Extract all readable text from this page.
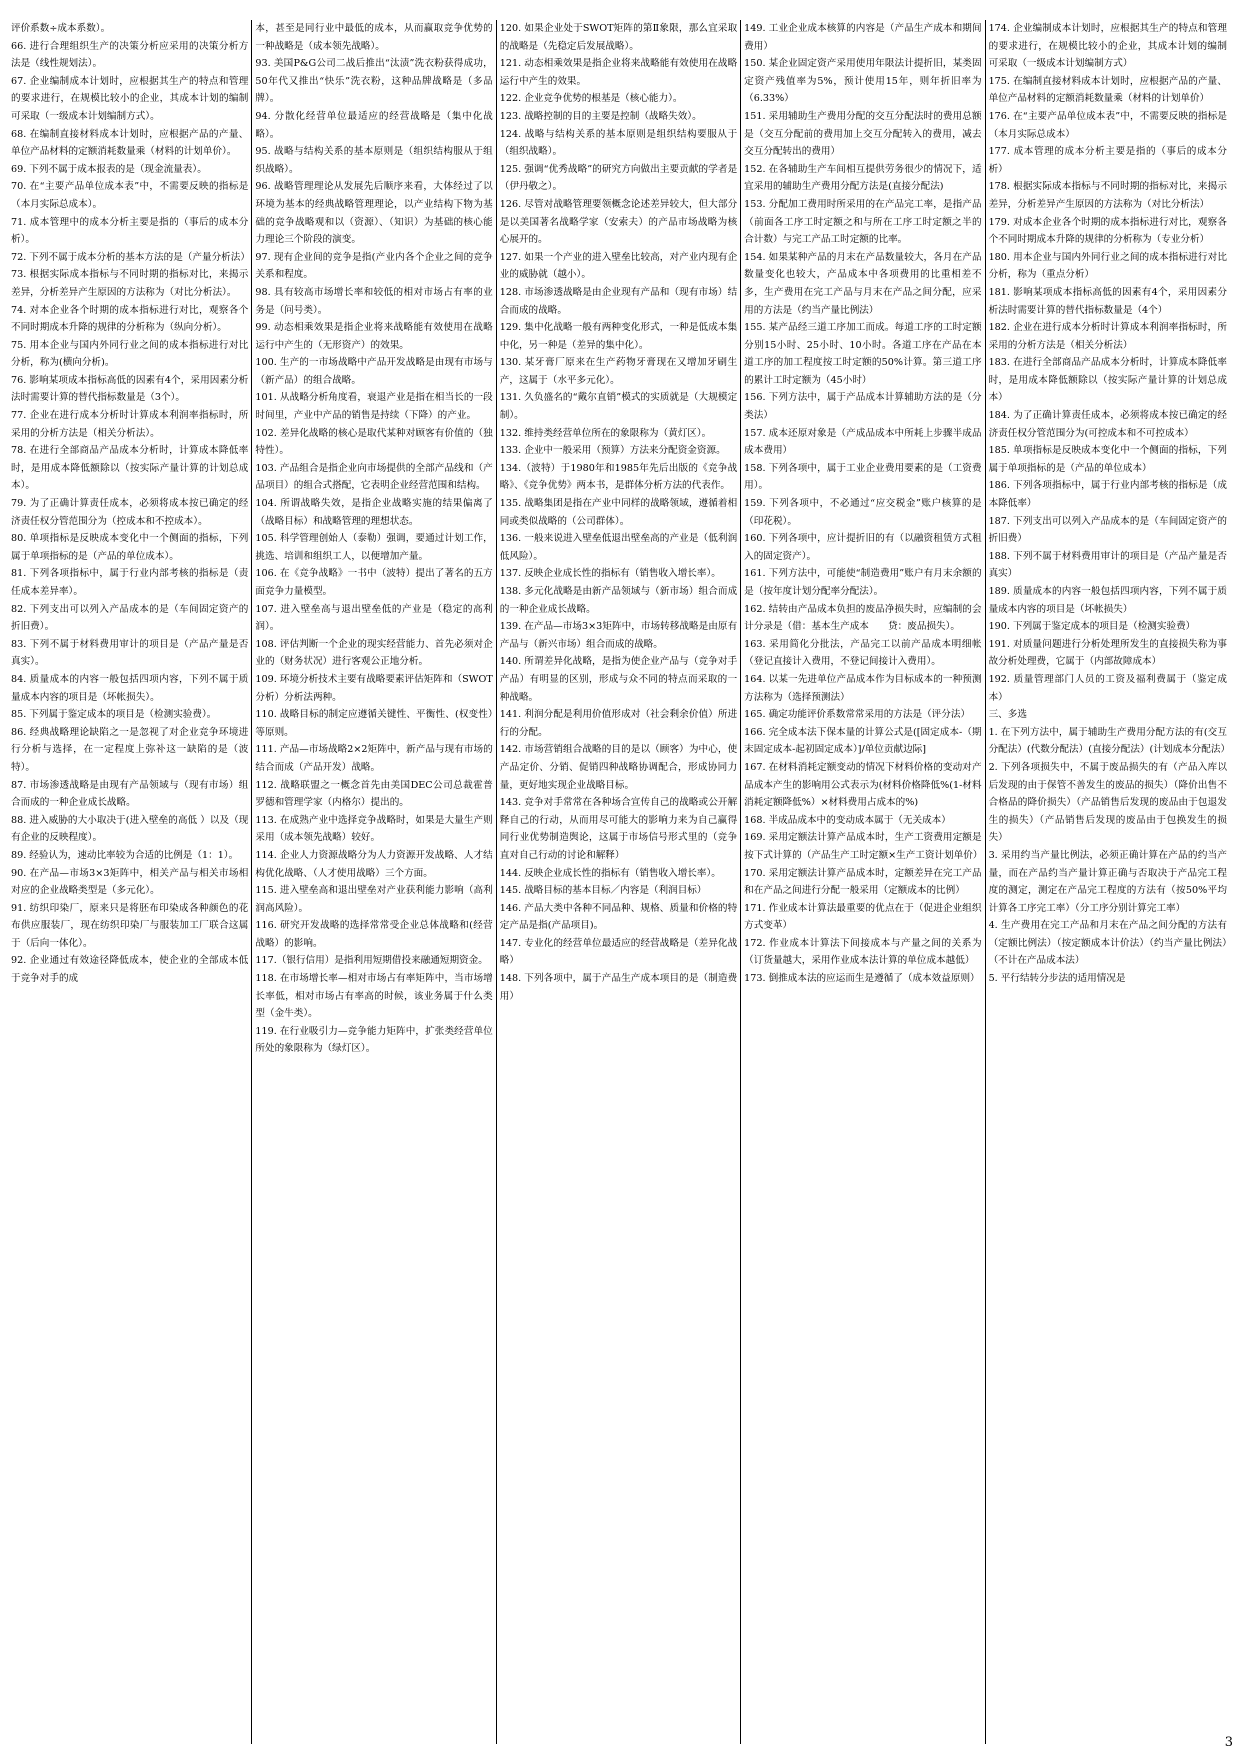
评价系数÷成本系数）。

66. 进行合理组织生产的决策分析应采用的决策分析方法是（线性规划法）。

67. 企业编制成本计划时，应根据其生产的特点和管理的要求进行，在规模比较小的企业，其成本计划的编制可采取（一级成本计划编制方式）。

68. 在编制直接材料成本计划时，应根据产品的产量、单位产品材料的定额消耗数量乘（材料的计划单价）。

69. 下列不属于成本报表的是（现金流量表）。

70. 在“主要产品单位成本表”中，不需要反映的指标是（本月实际总成本）。

71. 成本管理中的成本分析主要是指的（事后的成本分析）。

72. 下列不属于成本分析的基本方法的是（产量分析法）

73. 根据实际成本指标与不同时期的指标对比，来揭示差异，分析差异产生原因的方法称为（对比分析法）。

74. 对本企业各个时期的成本指标进行对比，观察各个不同时期成本升降的规律的分析称为（纵向分析）。

75. 用本企业与国内外同行业之间的成本指标进行对比分析，称为(横向分析)。

76. 影响某项成本指标高低的因素有4个，采用因素分析法时需要计算的替代指标数量是（3个）。

77. 企业在进行成本分析时计算成本利润率指标时，所采用的分析方法是（相关分析法）。

78. 在进行全部商品产品成本分析时，计算成本降低率时，是用成本降低额除以（按实际产量计算的计划总成本）。

79. 为了正确计算责任成本，必须将成本按已确定的经济责任权分管范围分为（控成本和不控成本）。

80. 单项指标是反映成本变化中一个侧面的指标，下列属于单项指标的是（产品的单位成本）。

81. 下列各项指标中，属于行业内部考核的指标是（责任成本差异率）。

82. 下列支出可以列入产品成本的是（车间固定资产的折旧费）。

83. 下列不属于材料费用审计的项目是（产品产量是否真实）。

84. 质量成本的内容一般包括四项内容，下列不属于质量成本内容的项目是（坏帐损失）。

85. 下列属于鉴定成本的项目是（检测实验费）。

86. 经典战略理论缺陷之一是忽视了对企业竞争环境进行分析与选择，在一定程度上弥补这一缺陷的是（波特）。

87. 市场渗透战略是由现有产品领域与（现有市场）组合而成的一种企业成长战略。

88. 进入威胁的大小取决于(进入壁垒的高低 ）以及（现有企业的反映程度）。

89. 经验认为，速动比率较为合适的比例是（1：1）。

90. 在产品—市场3×3矩阵中，相关产品与相关市场相对应的企业战略类型是（多元化）。

91. 纺织印染厂，原来只是将胚布印染成各种颜色的花布供应服装厂，现在纺织印染厂与服装加工厂联合这属于（后向一体化）。

92. 企业通过有效途径降低成本，使企业的全部成本低于竞争对手的成

本，甚至是同行业中最低的成本，从而赢取竞争优势的一种战略是（成本领先战略）。

93. 美国P&G公司二战后推出“汰渍”洗衣粉获得成功，50年代又推出“快乐”洗衣粉，这种品牌战略是（多品牌）。

94. 分散化经营单位最适应的经营战略是（集中化战略）。

95. 战略与结构关系的基本原则是（组织结构服从于组织战略）。

96. 战略管理理论从发展先后顺序来看，大体经过了以环境为基本的经典战略管理理论，以产业结构下物为基础的竞争战略观和以（资源）、（知识）为基础的核心能力理论三个阶段的演变。

97. 现有企业间的竞争是指(产业内各个企业之间的竞争关系和程度。

98. 具有较高市场增长率和较低的相对市场占有率的业务是（问号类）。

99. 动态相乘效果是指企业将来战略能有效使用在战略运行中产生的（无形资产）的效果。

100. 生产的一市场战略中产品开发战略是由现有市场与（新产品）的组合战略。

101. 从战略分析角度看，衰退产业是指在相当长的一段时间里，产业中产品的销售是持续（下降）的产业。

102. 差异化战略的核心是取代某种对顾客有价值的（独特性）。

103. 产品组合是指企业向市场提供的全部产品线和（产品项目）的组合式搭配，它表明企业经营范围和结构。

104. 所谓战略失效，是指企业战略实施的结果偏离了（战略目标）和战略管理的理想状态。

105. 科学管理创始人（泰勒）强调，要通过计划工作，挑选、培训和组织工人，以便增加产量。

106. 在《竞争战略》一书中（波特）提出了著名的五方面竞争力量模型。

107. 进入壁垒高与退出壁垒低的产业是（稳定的高利润）。

108. 评估判断一个企业的现实经营能力、首先必须对企业的（财务状况）进行客观公正地分析。

109. 环境分析技术主要有战略要素评估矩阵和（SWOT分析）分析法两种。

110. 战略目标的制定应遵循关键性、平衡性、(权变性）等原则。

111. 产品—市场战略2×2矩阵中，新产品与现有市场的结合而成（产品开发）战略。

112. 战略联盟之一概念首先由美国DEC公司总裁霍普罗德和管理学家（内格尔）提出的。

113. 在成熟产业中选择竞争战略时，如果是大量生产则采用（成本领先战略）较好。

114. 企业人力资源战略分为人力资源开发战略、人才结构优化战略、（人才使用战略）三个方面。

115. 进入壁垒高和退出壁垒对产业获利能力影响（高利润高风险）。

116. 研究开发战略的选择常常受企业总体战略和(经营战略）的影响。

117.（银行信用）是指利用短期借投来融通短期资金。

118. 在市场增长率—相对市场占有率矩阵中，当市场增长率低，相对市场占有率高的时候，该业务属于什么类型（金牛类）。

119. 在行业吸引力—竞争能力矩阵中，扩张类经营单位所处的象限称为（绿灯区）。

120. 如果企业处于SWOT矩阵的第Ⅱ象限，那么宜采取的战略是（先稳定后发展战略）。

121. 动态相乘效果是指企业将来战略能有效使用在战略运行中产生的效果。

122. 企业竞争优势的根基是（核心能力）。

123. 战略控制的目的主要是控制（战略失效）。

124. 战略与结构关系的基本原则是组织结构要服从于（组织战略）。

125. 强调“优秀战略”的研究方向做出主要贡献的学者是（伊丹敬之）。

126. 尽管对战略管理要领概念论述差异较大，但大部分是以美国著名战略学家（安索夫）的产品市场战略为核心展开的。

127. 如果一个产业的进入壁垒比较高，对产业内现有企业的威胁就（越小）。

128. 市场渗透战略是由企业现有产品和（现有市场）结合而成的战略。

129. 集中化战略一般有两种变化形式，一种是低成本集中化，另一种是（差异的集中化）。

130. 某牙膏厂原来在生产药物牙膏现在又增加牙刷生产，这属于（水平多元化）。

131. 久负盛名的“戴尔直销”模式的实质就是（大规模定制）。

132. 维持类经营单位所在的象限称为（黄灯区）。

133. 企业中一般采用（预算）方法来分配资金资源。

134.（波特）于1980年和1985年先后出版的《竞争战略》、《竞争优势》两本书，是群体分析方法的代表作。

135. 战略集团是指在产业中同样的战略领域，遵循着相同或类似战略的（公司群体）。

136. 一般来说进入壁垒低退出壁垒高的产业是（低利润低风险）。

137. 反映企业成长性的指标有（销售收入增长率）。

138. 多元化战略是由新产品领域与（新市场）组合而成的一种企业成长战略。

139. 在产品—市场3×3矩阵中，市场转移战略是由原有产品与（新兴市场）组合而成的战略。

140. 所谓差异化战略，是指为使企业产品与（竞争对手产品）有明显的区别，形成与众不同的特点而采取的一种战略。

141. 利润分配是利用价值形成对（社会剩余价值）所进行的分配。

142. 市场营销组合战略的目的是以（顾客）为中心，使产品定价、分销、促销四种战略协调配合，形成协同力量，更好地实现企业战略目标。

143. 竞争对手常常在各种场合宣传自己的战略或公开解释自己的行动，从而用尽可能大的影响力来为自己赢得同行业优势制造舆论，这属于市场信号形式里的（竞争直对自己行动的讨论和解释）

144. 反映企业成长性的指标有（销售收入增长率）。

145. 战略目标的基本目标／内容是（利润目标）

146. 产品大类中各种不同品种、规格、质量和价格的特定产品是指(产品项目)。

147. 专业化的经营单位最适应的经营战略是（差异化战略）

148. 下列各项中，属于产品生产成本项目的是（制造费用）

149. 工业企业成本核算的内容是（产品生产成本和期间费用）

150. 某企业固定资产采用使用年限法计提折旧，某类固定资产残值率为5%，预计使用15年，则年折旧率为（6.33%）

151. 采用辅助生产费用分配的交互分配法时的费用总额是（交互分配前的费用加上交互分配转入的费用，减去交互分配转出的费用）

152. 在各辅助生产车间相互提供劳务很少的情况下，适宜采用的辅助生产费用分配方法是(直接分配法)

153. 分配加工费用时所采用的在产品完工率，是指产品（前面各工序工时定额之和与所在工序工时定额之半的合计数）与完工产品工时定额的比率。

154. 如果某种产品的月末在产品数量较大，各月在产品数量变化也较大，产品成本中各项费用的比重相差不多，生产费用在完工产品与月末在产品之间分配，应采用的方法是（约当产量比例法）

155. 某产品经三道工序加工而成。每道工序的工时定额分别15小时、25小时、10小时。各道工序在产品在本道工序的加工程度按工时定额的50%计算。第三道工序的累计工时定额为（45小时）

156. 下列方法中，属于产品成本计算辅助方法的是（分类法）

157. 成本还原对象是（产成品成本中所耗上步骤半成品成本费用）

158. 下列各项中，属于工业企业费用要素的是（工资费用）。

159. 下列各项中，不必通过“应交税金”账户核算的是（印花税）。

160. 下列各项中，应计提折旧的有（以融资租赁方式租入的固定资产）。

161. 下列方法中，可能使“制造费用”账户有月末余额的是（按年度计划分配率分配法）。

162. 结转由产品成本负担的废品净损失时，应编制的会计分录是（借：基本生产成本　　贷：废品损失）。

163. 采用简化分批法，产品完工以前产品成本明细帐（登记直接计入费用，不登记间接计入费用）。

164. 以某一先进单位产品成本作为目标成本的一种预测方法称为（选择预测法）

165. 确定功能评价系数常常采用的方法是（评分法）

166. 完全成本法下保本量的计算公式是([固定成本-（期末固定成本-起初固定成本）]/单位贡献边际]

167. 在材料消耗定额变动的情况下材料价格的变动对产品成本产生的影响用公式表示为(材料价格降低%(1-材料消耗定额降低%）×材料费用占成本的%)

168. 半成品成本中的变动成本属于（无关成本）

169. 采用定额法计算产品成本时，生产工资费用定额是按下式计算的（产品生产工时定额×生产工资计划单价）

170. 采用定额法计算产品成本时，定额差异在完工产品和在产品之间进行分配一般采用（定额成本的比例）

171. 作业成本计算法最重要的优点在于（促进企业组织方式变革）

172. 作业成本计算法下间接成本与产量之间的关系为（订货量越大，采用作业成本法计算的单位成本越低）

173. 倒推成本法的应运而生是遵循了（成本效益原则）

174. 企业编制成本计划时，应根据其生产的特点和管理的要求进行，在规模比较小的企业，其成本计划的编制可采取（一级成本计划编制方式）

175. 在编制直接材料成本计划时，应根据产品的产量、单位产品材料的定额消耗数量乘（材料的计划单价）

176. 在“主要产品单位成本表”中，不需要反映的指标是（本月实际总成本）

177. 成本管理的成本分析主要是指的（事后的成本分析）

178. 根据实际成本指标与不同时期的指标对比，来揭示差异，分析差异产生原因的方法称为（对比分析法）

179. 对成本企业各个时期的成本指标进行对比，观察各个不同时期成本升降的规律的分析称为（专业分析）

180. 用本企业与国内外同行业之间的成本指标进行对比分析，称为（重点分析）

181. 影响某项成本指标高低的因素有4个，采用因素分析法时需要计算的替代指标数量是（4个）

182. 企业在进行成本分析时计算成本利润率指标时，所采用的分析方法是（相关分析法）

183. 在进行全部商品产品成本分析时，计算成本降低率时，是用成本降低额除以（按实际产量计算的计划总成本）

184. 为了正确计算责任成本，必须将成本按已确定的经济责任权分管范围分为(可控成本和不可控成本）

185. 单项指标是反映成本变化中一个侧面的指标，下列属于单项指标的是（产品的单位成本）

186. 下列各项指标中，属于行业内部考核的指标是（成本降低率）

187. 下列支出可以列入产品成本的是（车间固定资产的折旧费）

188. 下列不属于材料费用审计的项目是（产品产量是否真实）

189. 质量成本的内容一般包括四项内容，下列不属于质量成本内容的项目是（坏帐损失）

190. 下列属于鉴定成本的项目是（检测实验费）

191. 对质量问题进行分析处理所发生的直接损失称为事故分析处理费，它属于（内部故障成本）

192. 质量管理部门人员的工资及福利费属于（鉴定成本）

三、多选

1. 在下列方法中，属于辅助生产费用分配方法的有(交互分配法）(代数分配法）(直接分配法）(计划成本分配法）

2. 下列各项损失中，不属于废品损失的有（产品入库以后发现的由于保管不善发生的废品的损失）（降价出售不合格品的降价损失）（产品销售后发现的废品由于包退发生的损失）（产品销售后发现的废品由于包换发生的损失）

3. 采用约当产量比例法，必须正确计算在产品的约当产量，而在产品约当产量计算正确与否取决于产品完工程度的测定，测定在产品完工程度的方法有（按50%平均计算各工序完工率）（分工序分别计算完工率）

4. 生产费用在完工产品和月末在产品之间分配的方法有（定额比例法）（按定额成本计价法）（约当产量比例法）（不计在产品成本法）

5. 平行结转分步法的适用情况是

3
